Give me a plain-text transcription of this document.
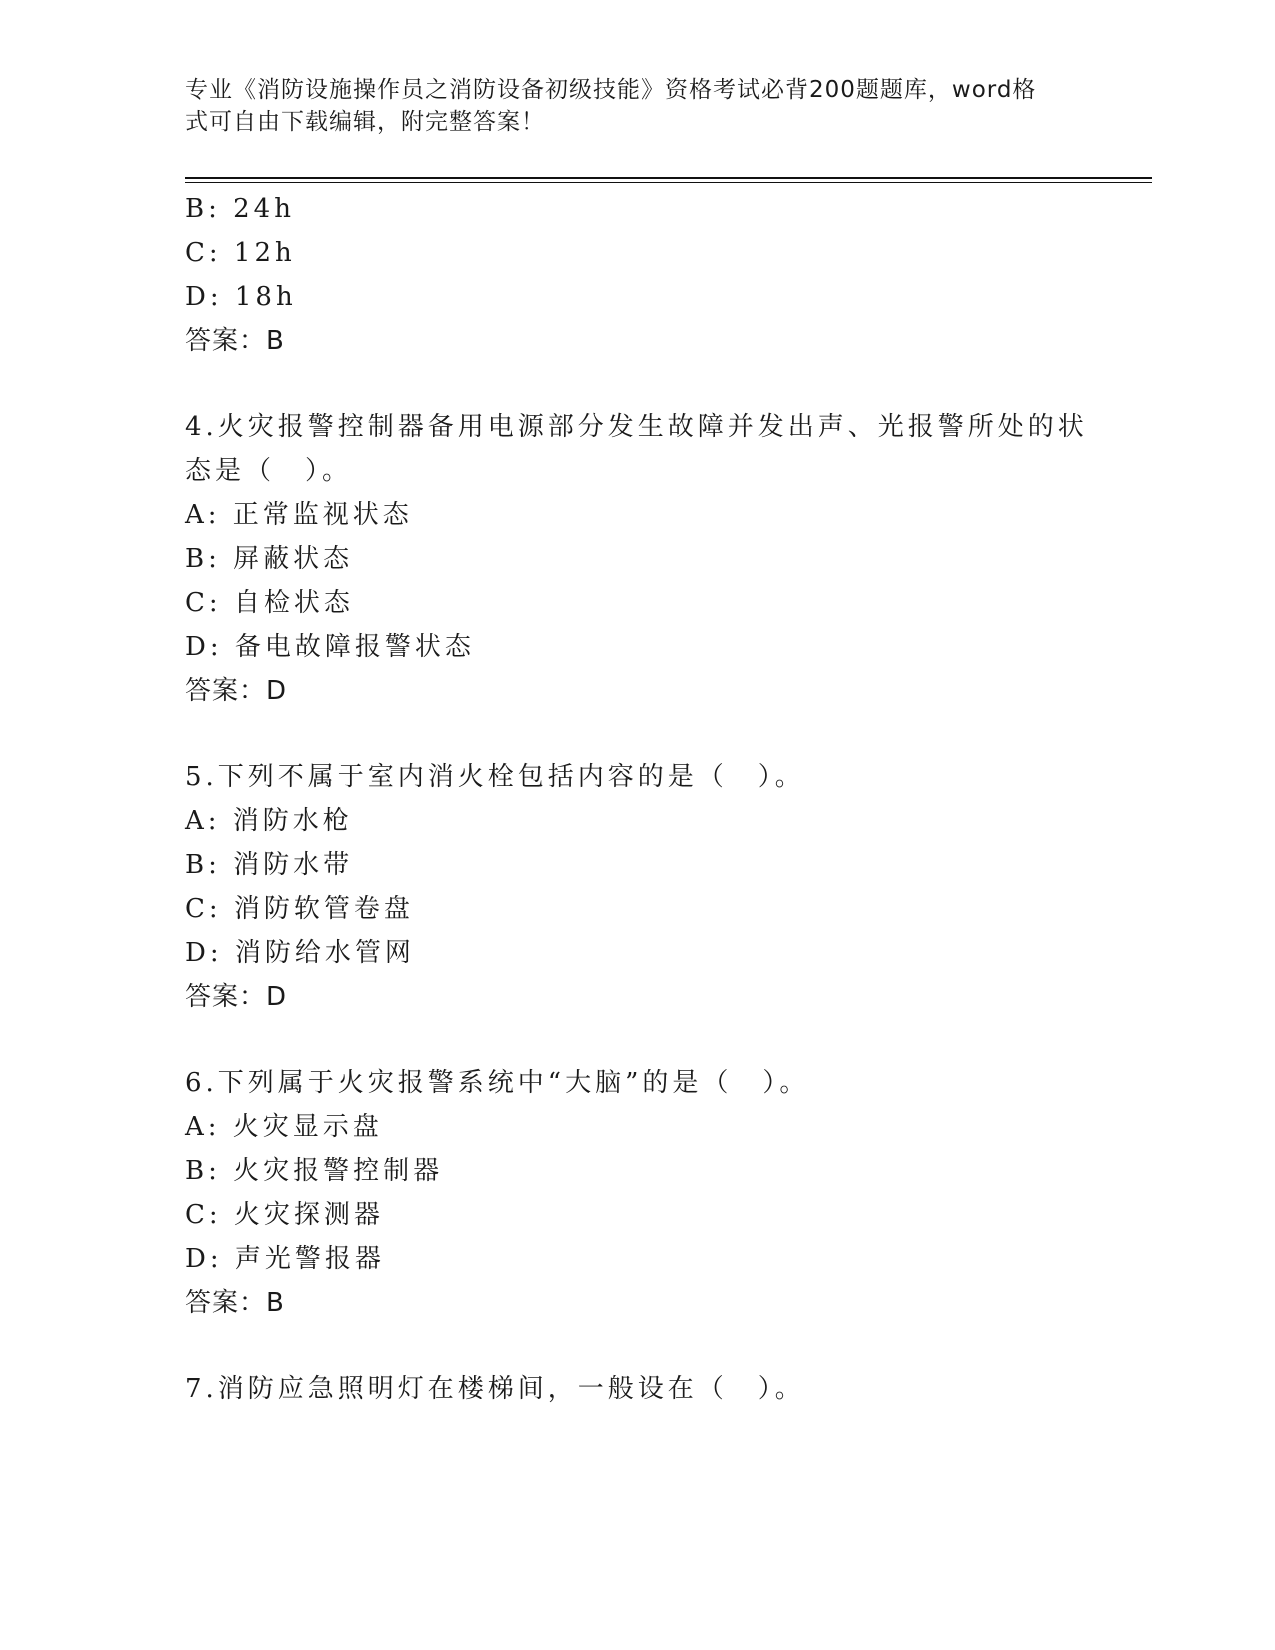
专业《消防设施操作员之消防设备初级技能》资格考试必背200题题库，word格
式可自由下载编辑，附完整答案！
B: 24h
C: 12h
D: 18h
答案：B
4.火灾报警控制器备用电源部分发生故障并发出声、光报警所处的状
态是（　）。
A: 正常监视状态
B: 屏蔽状态
C: 自检状态
D: 备电故障报警状态
答案：D
5.下列不属于室内消火栓包括内容的是（　）。
A: 消防水枪
B: 消防水带
C: 消防软管卷盘
D: 消防给水管网
答案：D
6.下列属于火灾报警系统中“大脑”的是（　）。
A: 火灾显示盘
B: 火灾报警控制器
C: 火灾探测器
D: 声光警报器
答案：B
7.消防应急照明灯在楼梯间，一般设在（　）。
